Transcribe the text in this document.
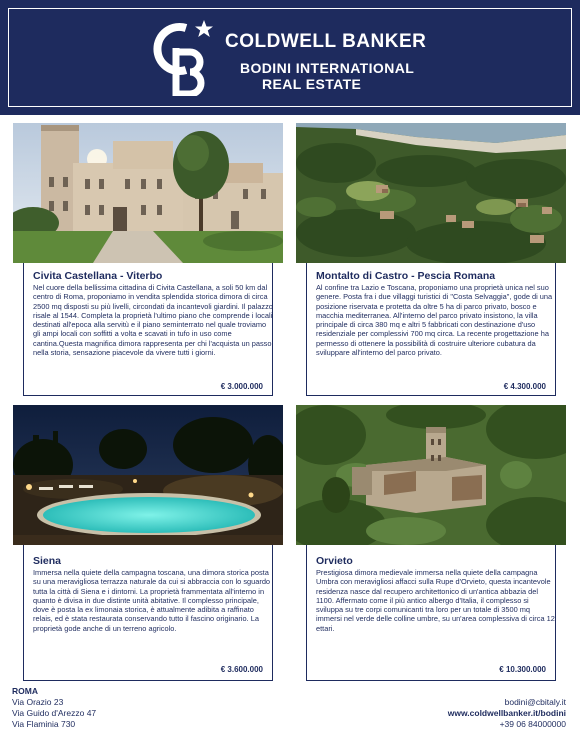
COLDWELL BANKER
BODINI INTERNATIONAL
REAL ESTATE
Civita Castellana - Viterbo
Nel cuore della bellissima cittadina di Civita Castellana, a soli 50 km dal centro di Roma, proponiamo in vendita splendida storica dimora di circa 2500 mq disposti su più livelli, circondati da incantevoli giardini. Il palazzo risale al 1544. Completa la proprietà l'ultimo piano che comprende i locali destinati all'epoca alla servitù e il piano seminterrato nel quale troviamo gli ampi locali con soffitti a volta e scavati in tufo in uso come cantina.Questa magnifica dimora rappresenta per chi l'acquista un passo nella storia, sensazione piacevole da vivere tutti i giorni.
€ 3.000.000
Montalto di Castro - Pescia Romana
Al confine tra Lazio e Toscana, proponiamo una proprietà unica nel suo genere. Posta fra i due villaggi turistici di "Costa Selvaggia", gode di una posizione riservata e protetta da oltre 5 ha di parco privato, bosco e macchia mediterranea. All'interno del parco privato insistono, la villa principale di circa 380 mq e altri 5 fabbricati con destinazione d'uso residenziale per complessivi 700 mq circa. La recente progettazione ha permesso di ottenere la possibilità di costruire ulteriore cubatura da sviluppare all'interno del parco privato.
€ 4.300.000
Siena
Immersa nella quiete della campagna toscana, una dimora storica posta su una meravigliosa terrazza naturale da cui si abbraccia con lo sguardo tutta la città di Siena e i dintorni. La proprietà frammentata all'interno in quanto è divisa in due distinte unità abitative. Il complesso principale, dove è posta la ex limonaia storica, è attualmente adibita a raffinato relais, ed è stata restaurata conservando tutto il fascino originario. La proprietà gode anche di un terreno agricolo.
€ 3.600.000
Orvieto
Prestigiosa dimora medievale immersa nella quiete della campagna Umbra con meravigliosi affacci sulla Rupe d'Orvieto, questa incantevole residenza nasce dal recupero architettonico di un'antica abbazia del 1100. Affermato come il più antico albergo d'Italia, il complesso si sviluppa su tre corpi comunicanti tra loro per un totale di 3500 mq immersi nel verde delle colline umbre, su un'area complessiva di circa 12 ettari.
€ 10.300.000
ROMA
Via Orazio 23
Via Guido d'Arezzo 47
Via Flaminia 730
bodini@cbitaly.it
www.coldwellbanker.it/bodini
+39 06 84000000
